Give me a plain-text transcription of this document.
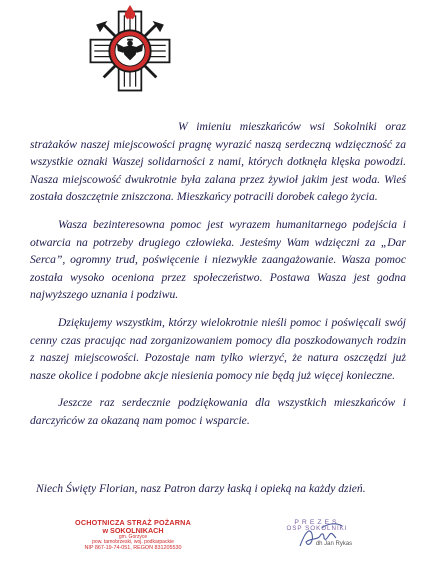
W imieniu mieszkańców wsi Sokolniki oraz strażaków naszej miejscowości pragnę wyrazić naszą serdeczną wdzięczność za wszystkie oznaki Waszej solidarności z nami, których dotknęła klęska powodzi. Nasza miejscowość dwukrotnie była zalana przez żywioł jakim jest woda. Wieś została doszczętnie zniszczona. Mieszkańcy potracili dorobek całego życia.

Wasza bezinteresowna pomoc jest wyrazem humanitarnego podejścia i otwarcia na potrzeby drugiego człowieka. Jesteśmy Wam wdzięczni za „Dar Serca”, ogromny trud, poświęcenie i niezwykłe zaangażowanie. Wasza pomoc została wysoko oceniona przez społeczeństwo. Postawa Wasza jest godna najwyższego uznania i podziwu.

Dziękujemy wszystkim, którzy wielokrotnie nieśli pomoc i poświęcali swój cenny czas pracując nad zorganizowaniem pomocy dla poszkodowanych rodzin z naszej miejscowości. Pozostaje nam tylko wierzyć, że natura oszczędzi już nasze okolice i podobne akcje niesienia pomocy nie będą już więcej konieczne.

Jeszcze raz serdecznie podziękowania dla wszystkich mieszkańców i darczyńców za okazaną nam pomoc i wsparcie.

Niech Święty Florian, nasz Patron darzy łaską i opieką na każdy dzień.
OCHOTNICZA STRAŻ POŻARNA
w SOKOLNIKACH
gm. Gorzyce
pow. tarnobrzeski, woj. podkarpackie
NIP 867-19-74-051, REGON 831205530
PREZES
OSP SOKOLNIKI
dh Jan Rykas
